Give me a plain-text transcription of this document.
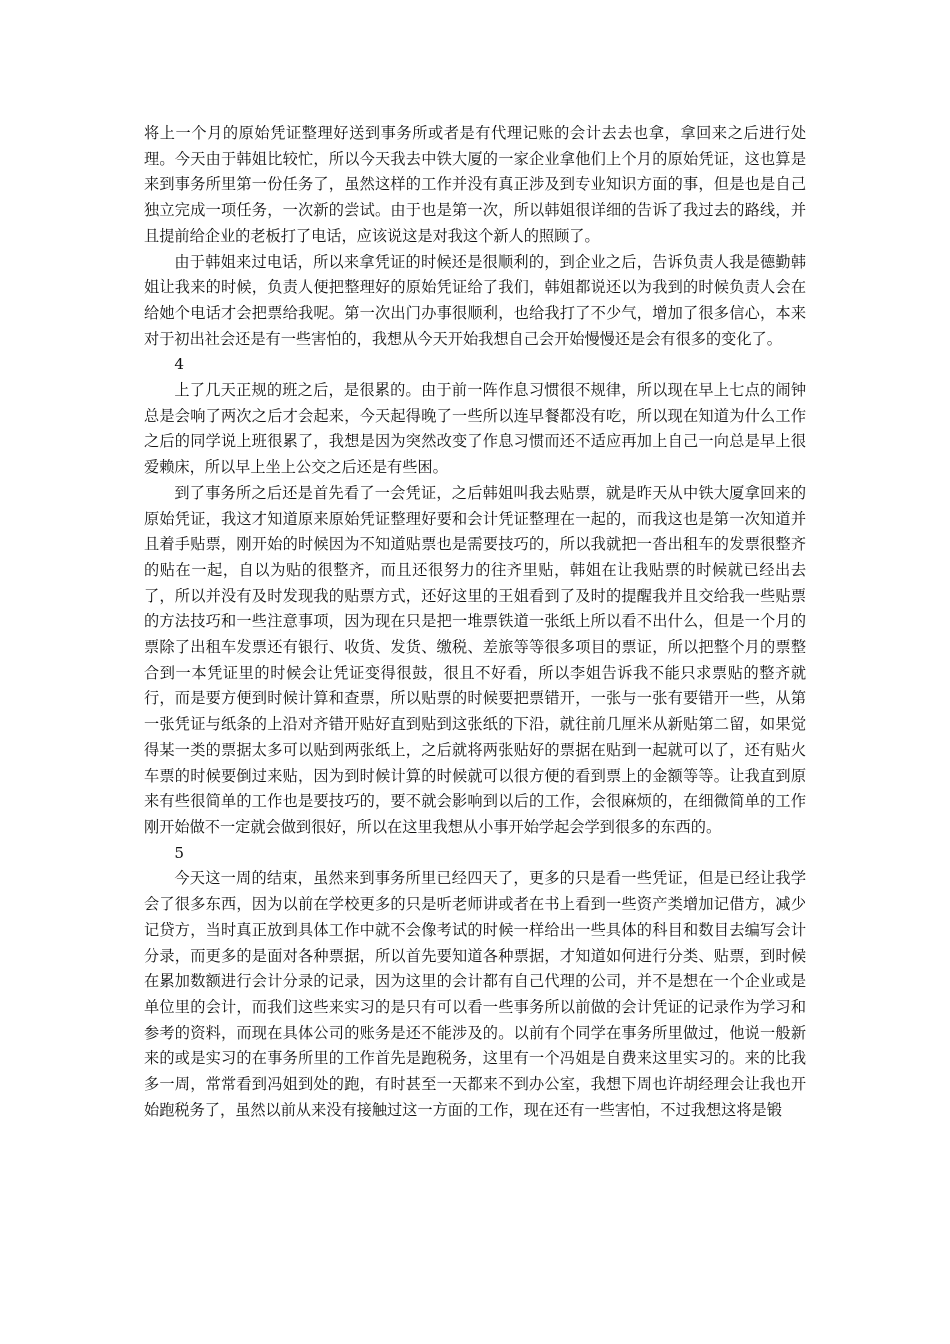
将上一个月的原始凭证整理好送到事务所或者是有代理记账的会计去去也拿，拿回来之后进行处理。今天由于韩姐比较忙，所以今天我去中铁大厦的一家企业拿他们上个月的原始凭证，这也算是来到事务所里第一份任务了，虽然这样的工作并没有真正涉及到专业知识方面的事，但是也是自己独立完成一项任务，一次新的尝试。由于也是第一次，所以韩姐很详细的告诉了我过去的路线，并且提前给企业的老板打了电话，应该说这是对我这个新人的照顾了。

由于韩姐来过电话，所以来拿凭证的时候还是很顺利的，到企业之后，告诉负责人我是德勤韩姐让我来的时候，负责人便把整理好的原始凭证给了我们，韩姐都说还以为我到的时候负责人会在给她个电话才会把票给我呢。第一次出门办事很顺利，也给我打了不少气，增加了很多信心，本来对于初出社会还是有一些害怕的，我想从今天开始我想自己会开始慢慢还是会有很多的变化了。

4

上了几天正规的班之后，是很累的。由于前一阵作息习惯很不规律，所以现在早上七点的闹钟总是会响了两次之后才会起来，今天起得晚了一些所以连早餐都没有吃，所以现在知道为什么工作之后的同学说上班很累了，我想是因为突然改变了作息习惯而还不适应再加上自己一向总是早上很爱赖床，所以早上坐上公交之后还是有些困。

到了事务所之后还是首先看了一会凭证，之后韩姐叫我去贴票，就是昨天从中铁大厦拿回来的原始凭证，我这才知道原来原始凭证整理好要和会计凭证整理在一起的，而我这也是第一次知道并且着手贴票，刚开始的时候因为不知道贴票也是需要技巧的，所以我就把一沓出租车的发票很整齐的贴在一起，自以为贴的很整齐，而且还很努力的往齐里贴，韩姐在让我贴票的时候就已经出去了，所以并没有及时发现我的贴票方式，还好这里的王姐看到了及时的提醒我并且交给我一些贴票的方法技巧和一些注意事项，因为现在只是把一堆票铁道一张纸上所以看不出什么，但是一个月的票除了出租车发票还有银行、收货、发货、缴税、差旅等等很多项目的票证，所以把整个月的票整合到一本凭证里的时候会让凭证变得很鼓，很且不好看，所以李姐告诉我不能只求票贴的整齐就行，而是要方便到时候计算和查票，所以贴票的时候要把票错开，一张与一张有要错开一些，从第一张凭证与纸条的上沿对齐错开贴好直到贴到这张纸的下沿，就往前几厘米从新贴第二留，如果觉得某一类的票据太多可以贴到两张纸上，之后就将两张贴好的票据在贴到一起就可以了，还有贴火车票的时候要倒过来贴，因为到时候计算的时候就可以很方便的看到票上的金额等等。让我直到原来有些很简单的工作也是要技巧的，要不就会影响到以后的工作，会很麻烦的，在细微简单的工作刚开始做不一定就会做到很好，所以在这里我想从小事开始学起会学到很多的东西的。

5

今天这一周的结束，虽然来到事务所里已经四天了，更多的只是看一些凭证，但是已经让我学会了很多东西，因为以前在学校更多的只是听老师讲或者在书上看到一些资产类增加记借方，减少记贷方，当时真正放到具体工作中就不会像考试的时候一样给出一些具体的科目和数目去编写会计分录，而更多的是面对各种票据，所以首先要知道各种票据，才知道如何进行分类、贴票，到时候在累加数额进行会计分录的记录，因为这里的会计都有自己代理的公司，并不是想在一个企业或是单位里的会计，而我们这些来实习的是只有可以看一些事务所以前做的会计凭证的记录作为学习和参考的资料，而现在具体公司的账务是还不能涉及的。以前有个同学在事务所里做过，他说一般新来的或是实习的在事务所里的工作首先是跑税务，这里有一个冯姐是自费来这里实习的。来的比我多一周，常常看到冯姐到处的跑，有时甚至一天都来不到办公室，我想下周也许胡经理会让我也开始跑税务了，虽然以前从来没有接触过这一方面的工作，现在还有一些害怕，不过我想这将是锻
